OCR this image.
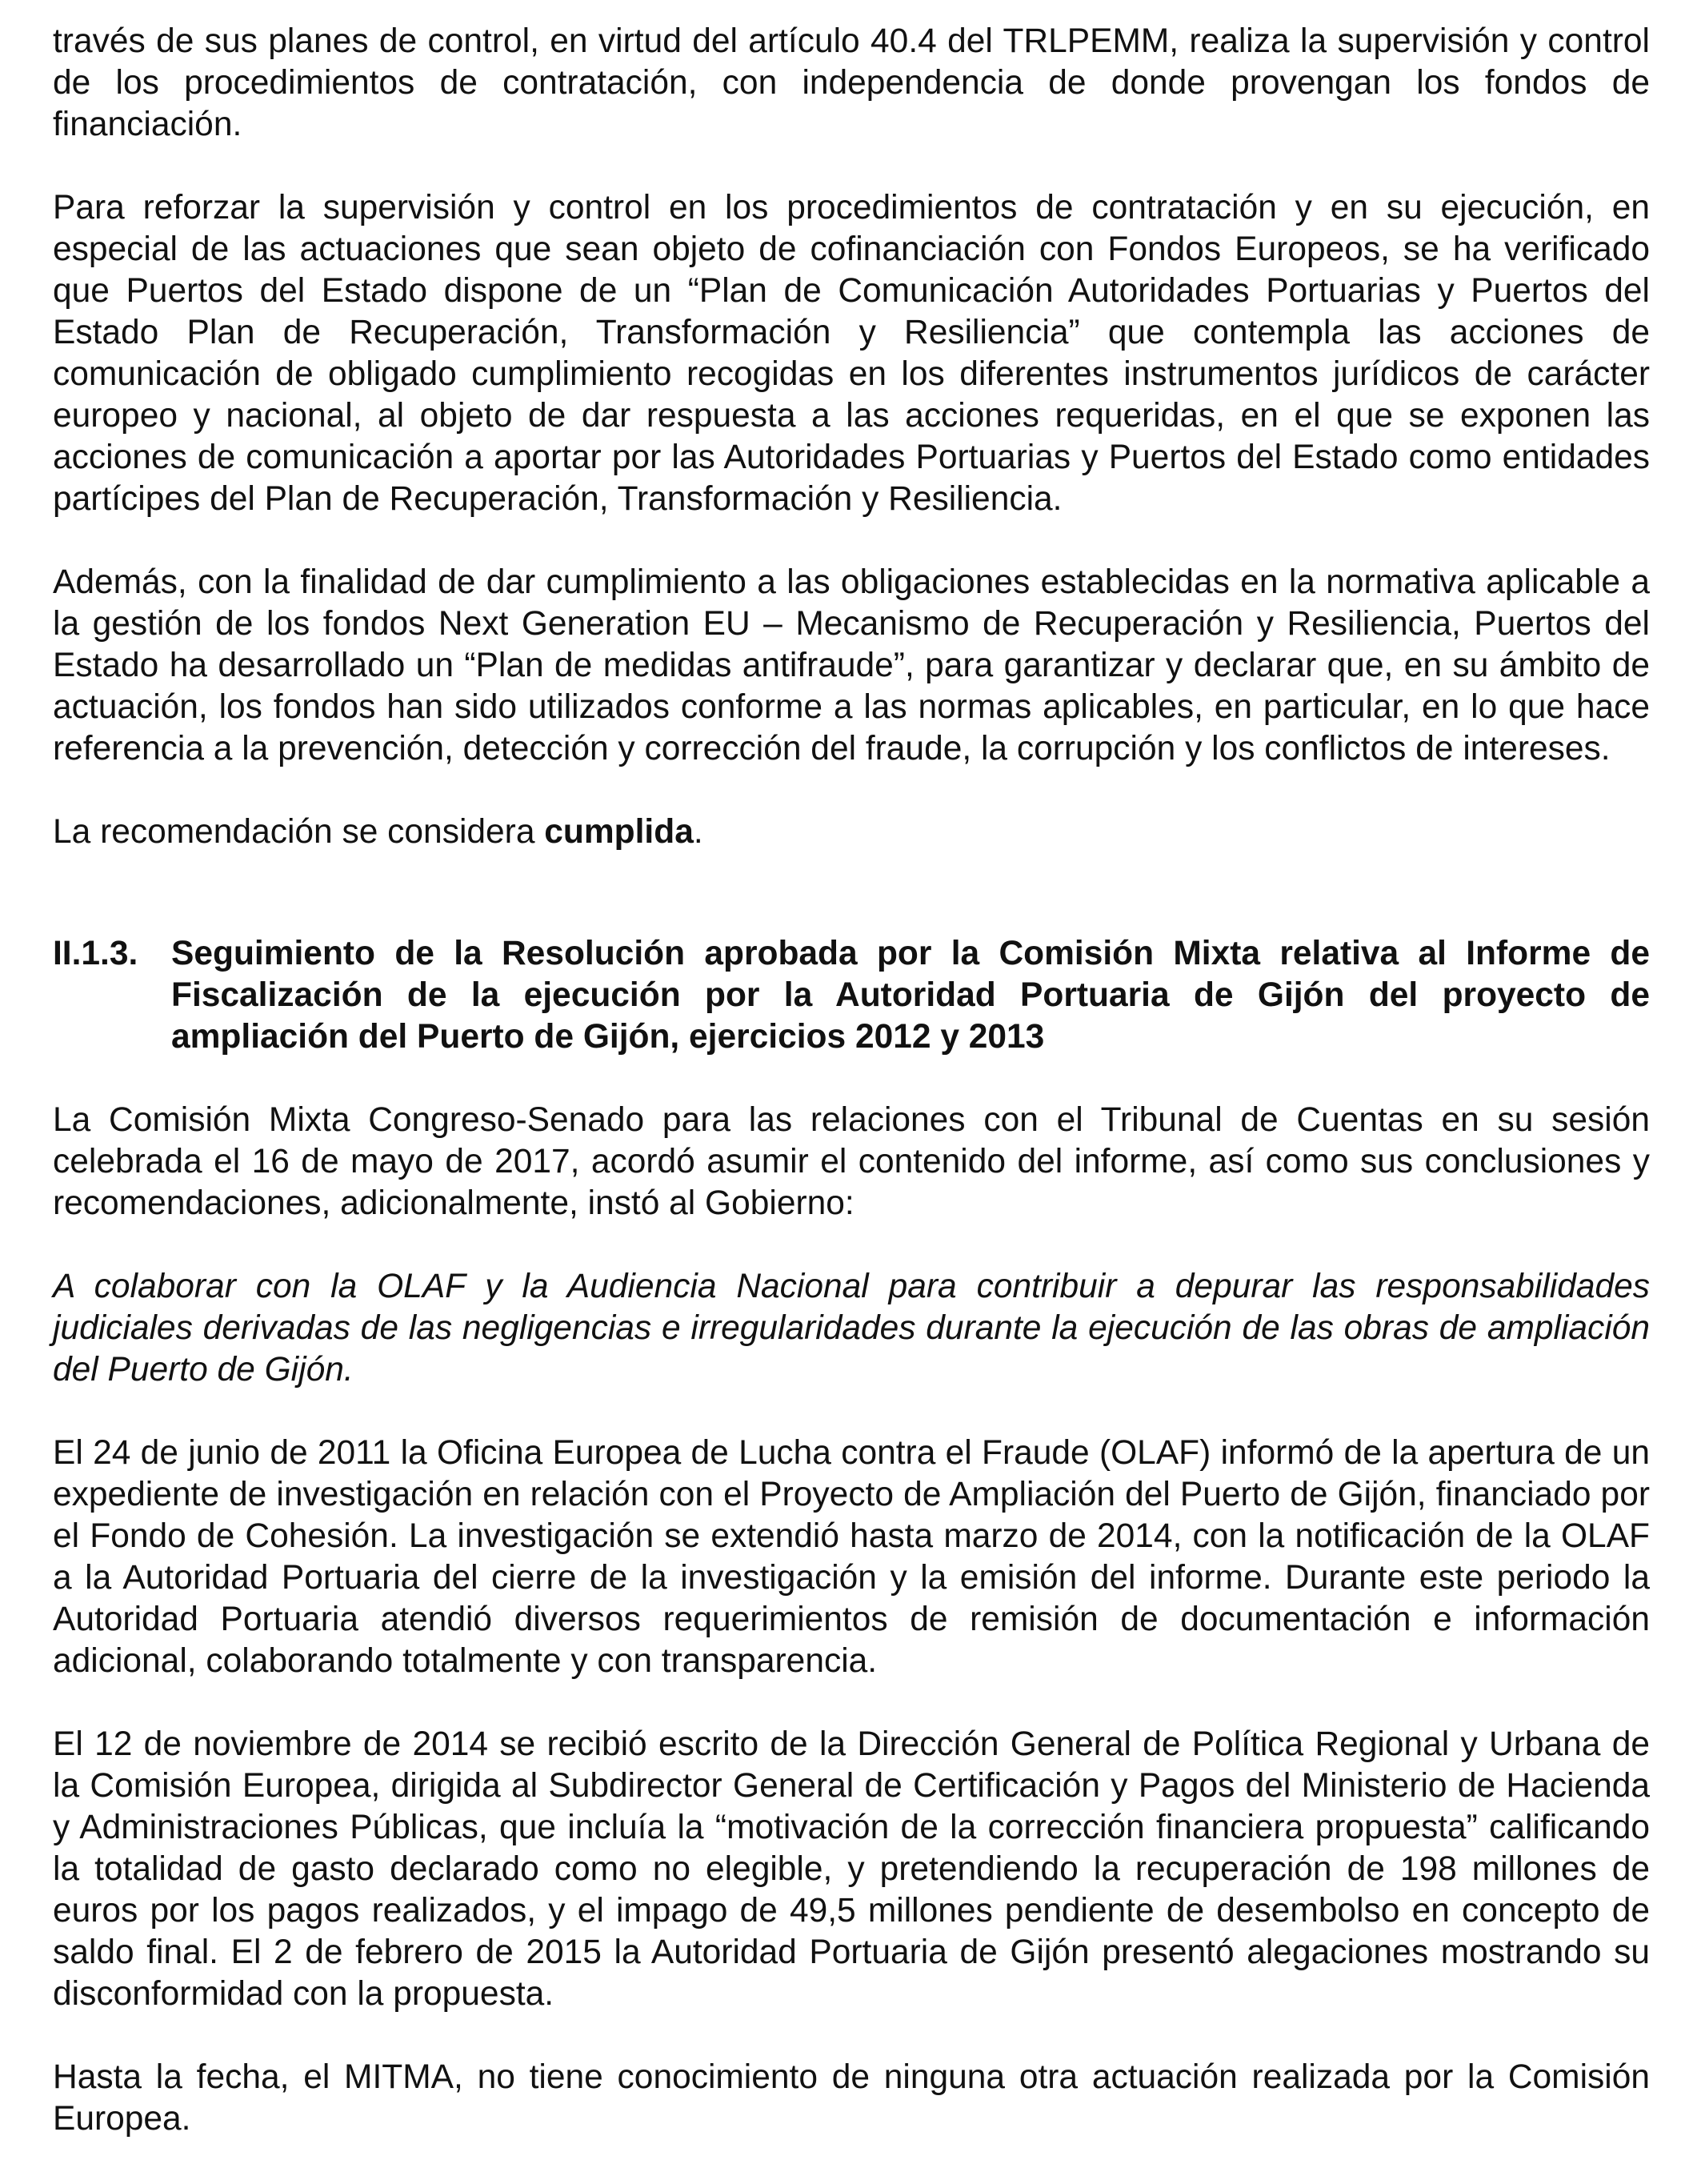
través de sus planes de control, en virtud del artículo 40.4 del TRLPEMM, realiza la supervisión y control de los procedimientos de contratación, con independencia de donde provengan los fondos de financiación.

Para reforzar la supervisión y control en los procedimientos de contratación y en su ejecución, en especial de las actuaciones que sean objeto de cofinanciación con Fondos Europeos, se ha verificado que Puertos del Estado dispone de un “Plan de Comunicación Autoridades Portuarias y Puertos del Estado Plan de Recuperación, Transformación y Resiliencia” que contempla las acciones de comunicación de obligado cumplimiento recogidas en los diferentes instrumentos jurídicos de carácter europeo y nacional, al objeto de dar respuesta a las acciones requeridas, en el que se exponen las acciones de comunicación a aportar por las Autoridades Portuarias y Puertos del Estado como entidades partícipes del Plan de Recuperación, Transformación y Resiliencia.

Además, con la finalidad de dar cumplimiento a las obligaciones establecidas en la normativa aplicable a la gestión de los fondos Next Generation EU – Mecanismo de Recuperación y Resiliencia, Puertos del Estado ha desarrollado un “Plan de medidas antifraude”, para garantizar y declarar que, en su ámbito de actuación, los fondos han sido utilizados conforme a las normas aplicables, en particular, en lo que hace referencia a la prevención, detección y corrección del fraude, la corrupción y los conflictos de intereses.

La recomendación se considera cumplida.

II.1.3. Seguimiento de la Resolución aprobada por la Comisión Mixta relativa al Informe de Fiscalización de la ejecución por la Autoridad Portuaria de Gijón del proyecto de ampliación del Puerto de Gijón, ejercicios 2012 y 2013

La Comisión Mixta Congreso-Senado para las relaciones con el Tribunal de Cuentas en su sesión celebrada el 16 de mayo de 2017, acordó asumir el contenido del informe, así como sus conclusiones y recomendaciones, adicionalmente, instó al Gobierno:

A colaborar con la OLAF y la Audiencia Nacional para contribuir a depurar las responsabilidades judiciales derivadas de las negligencias e irregularidades durante la ejecución de las obras de ampliación del Puerto de Gijón.

El 24 de junio de 2011 la Oficina Europea de Lucha contra el Fraude (OLAF) informó de la apertura de un expediente de investigación en relación con el Proyecto de Ampliación del Puerto de Gijón, financiado por el Fondo de Cohesión. La investigación se extendió hasta marzo de 2014, con la notificación de la OLAF a la Autoridad Portuaria del cierre de la investigación y la emisión del informe. Durante este periodo la Autoridad Portuaria atendió diversos requerimientos de remisión de documentación e información adicional, colaborando totalmente y con transparencia.

El 12 de noviembre de 2014 se recibió escrito de la Dirección General de Política Regional y Urbana de la Comisión Europea, dirigida al Subdirector General de Certificación y Pagos del Ministerio de Hacienda y Administraciones Públicas, que incluía la “motivación de la corrección financiera propuesta” calificando la totalidad de gasto declarado como no elegible, y pretendiendo la recuperación de 198 millones de euros por los pagos realizados, y el impago de 49,5 millones pendiente de desembolso en concepto de saldo final. El 2 de febrero de 2015 la Autoridad Portuaria de Gijón presentó alegaciones mostrando su disconformidad con la propuesta.

Hasta la fecha, el MITMA, no tiene conocimiento de ninguna otra actuación realizada por la Comisión Europea.
